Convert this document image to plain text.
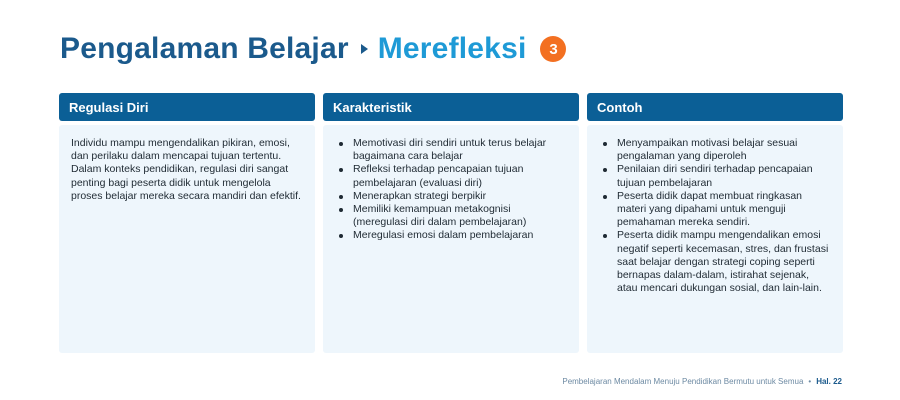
Pengalaman Belajar Merefleksi	3
Regulasi Diri

Individu mampu mengendalikan pikiran, emosi, dan perilaku dalam mencapai tujuan tertentu. Dalam konteks pendidikan, regulasi diri sangat penting bagi peserta didik untuk mengelola proses belajar mereka secara mandiri dan efektif.

Karakteristik
Memotivasi diri sendiri untuk terus belajar bagaimana cara belajar
Refleksi terhadap pencapaian tujuan pembelajaran (evaluasi diri)
Menerapkan strategi berpikir
Memiliki kemampuan metakognisi (meregulasi diri dalam pembelajaran)
Meregulasi emosi dalam pembelajaran
Contoh
Menyampaikan motivasi belajar sesuai pengalaman yang diperoleh
Penilaian diri sendiri terhadap pencapaian tujuan pembelajaran
Peserta didik dapat membuat ringkasan materi yang dipahami untuk menguji pemahaman mereka sendiri.
Peserta didik mampu mengendalikan emosi negatif seperti kecemasan, stres, dan frustasi saat belajar dengan strategi coping seperti bernapas dalam-dalam, istirahat sejenak, atau mencari dukungan sosial, dan lain-lain.
Pembelajaran Mendalam Menuju Pendidikan Bermutu untuk Semua • Hal. 22
